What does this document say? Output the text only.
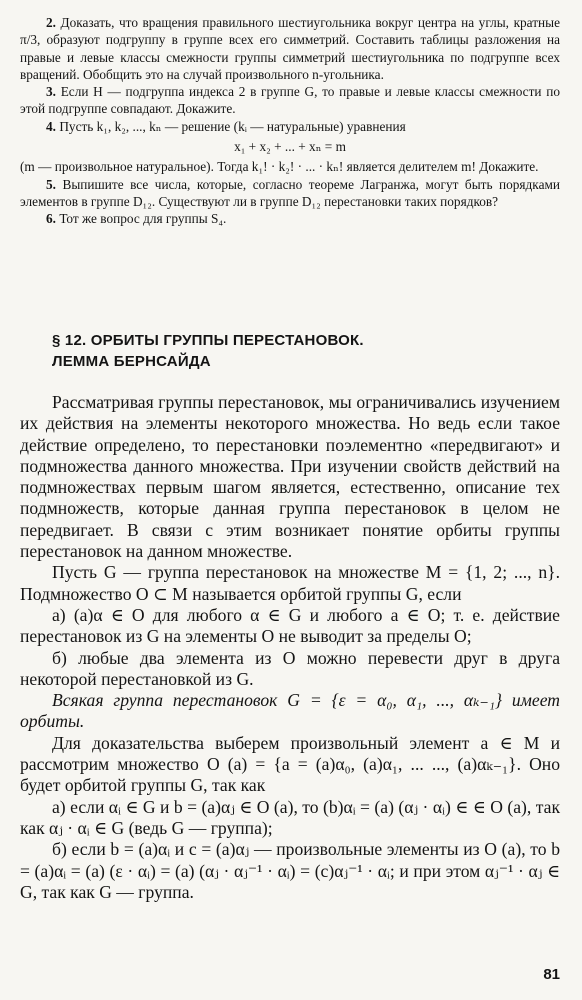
2. Доказать, что вращения правильного шестиугольника вокруг центра на углы, кратные π/3, образуют подгруппу в группе всех его симметрий. Составить таблицы разложения на правые и левые классы смежности группы симметрий шестиугольника по подгруппе всех вращений. Обобщить это на случай произвольного n-угольника.

3. Если H — подгруппа индекса 2 в группе G, то правые и левые классы смежности по этой подгруппе совпадают. Докажите.

4. Пусть k₁, k₂, ..., kₙ — решение (kᵢ — натуральные) уравнения

x₁ + x₂ + ... + xₙ = m

(m — произвольное натуральное). Тогда k₁! · k₂! · ... · kₙ! является делителем m! Докажите.

5. Выпишите все числа, которые, согласно теореме Лагранжа, могут быть порядками элементов в группе D₁₂. Существуют ли в группе D₁₂ перестановки таких порядков?

6. Тот же вопрос для группы S₄.

§ 12. ОРБИТЫ ГРУППЫ ПЕРЕСТАНОВОК.
ЛЕММА БЕРНСАЙДА

Рассматривая группы перестановок, мы ограничивались изучением их действия на элементы некоторого множества. Но ведь если такое действие определено, то перестановки поэлементно «передвигают» и подмножества данного множества. При изучении свойств действий на подмножествах первым шагом является, естественно, описание тех подмножеств, которые данная группа перестановок в целом не передвигает. В связи с этим возникает понятие орбиты группы перестановок на данном множестве.

Пусть G — группа перестановок на множестве M = {1, 2; ..., n}. Подмножество O ⊂ M называется орбитой группы G, если

а) (a)α ∈ O для любого α ∈ G и любого a ∈ O; т. е. действие перестановок из G на элементы O не выводит за пределы O;

б) любые два элемента из O можно перевести друг в друга некоторой перестановкой из G.

Всякая группа перестановок G = {ε = α₀, α₁, ..., αₖ₋₁} имеет орбиты.

Для доказательства выберем произвольный элемент a ∈ M и рассмотрим множество O (a) = {a = (a)α₀, (a)α₁, ... ..., (a)αₖ₋₁}. Оно будет орбитой группы G, так как

а) если αᵢ ∈ G и b = (a)αⱼ ∈ O (a), то (b)αᵢ = (a) (αⱼ · αᵢ) ∈ ∈ O (a), так как αⱼ · αᵢ ∈ G (ведь G — группа);

б) если b = (a)αᵢ и c = (a)αⱼ — произвольные элементы из O (a), то b = (a)αᵢ = (a) (ε · αᵢ) = (a) (αⱼ · αⱼ⁻¹ · αᵢ) = (c)αⱼ⁻¹ · αᵢ; и при этом αⱼ⁻¹ · αⱼ ∈ G, так как G — группа.

81
